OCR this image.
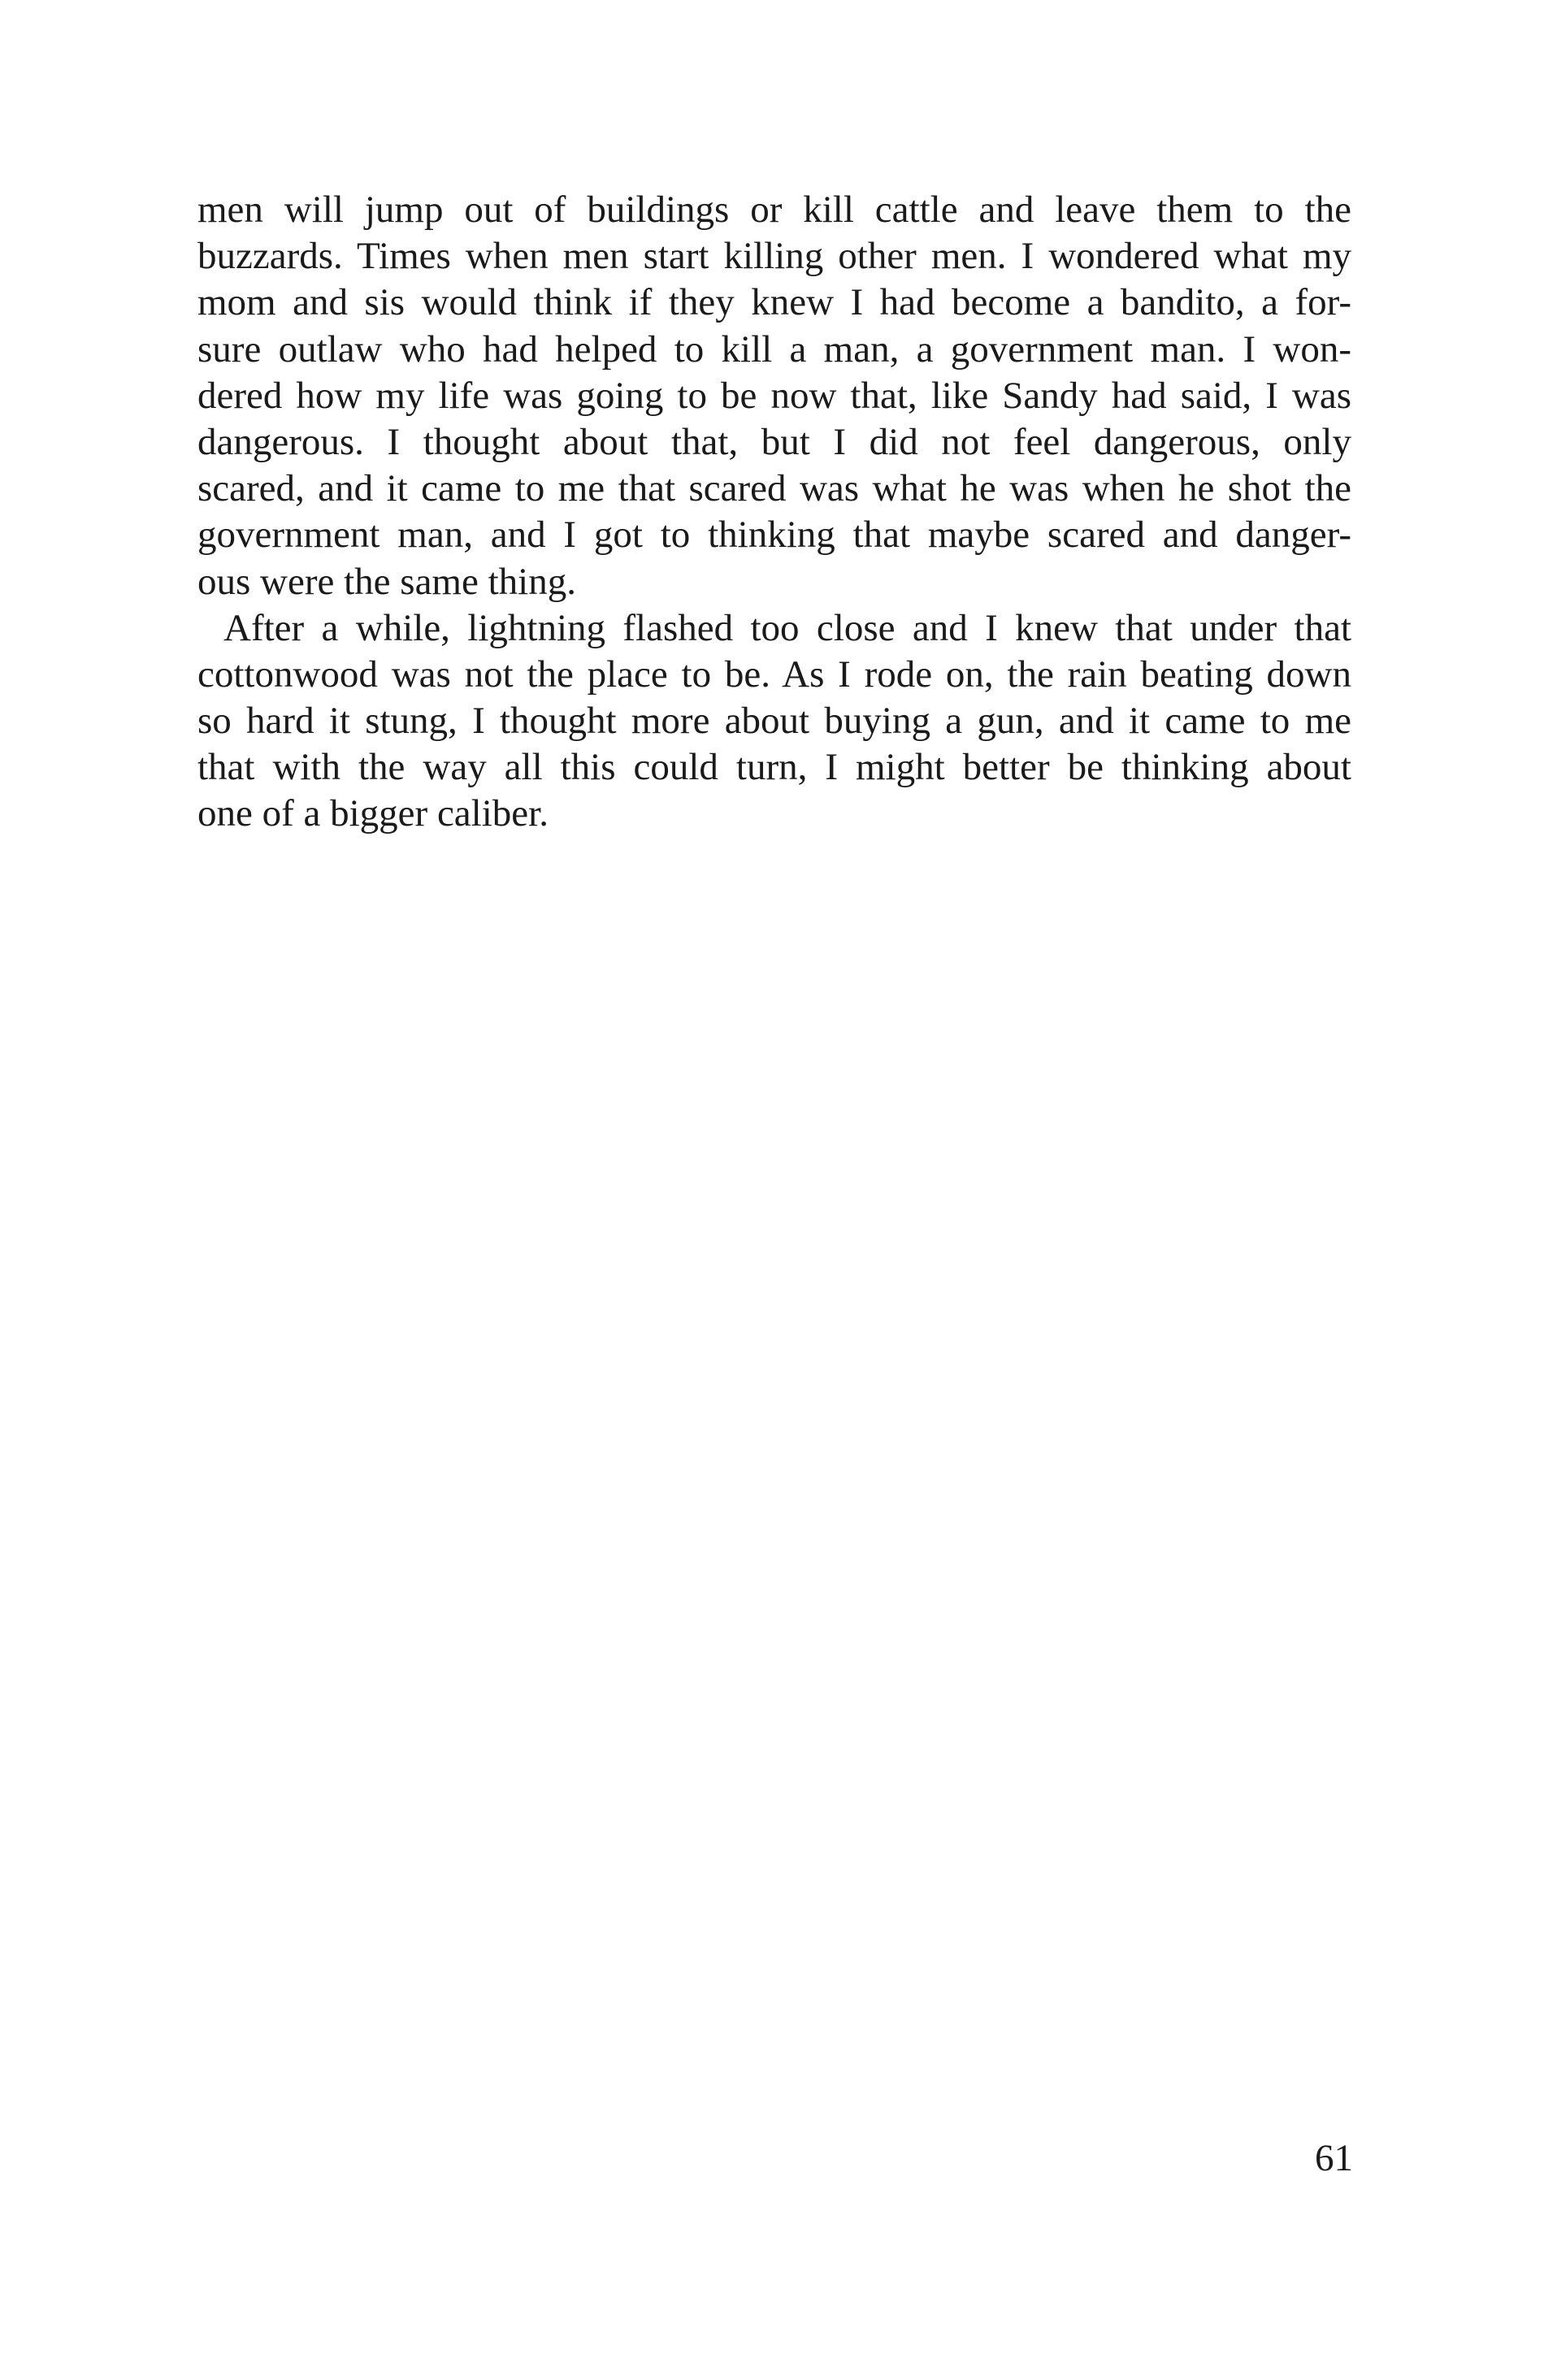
men will jump out of buildings or kill cattle and leave them to the
buzzards. Times when men start killing other men. I wondered what my
mom and sis would think if they knew I had become a bandito, a for-
sure outlaw who had helped to kill a man, a government man. I won-
dered how my life was going to be now that, like Sandy had said, I was
dangerous. I thought about that, but I did not feel dangerous, only
scared, and it came to me that scared was what he was when he shot the
government man, and I got to thinking that maybe scared and danger-
ous were the same thing.
After a while, lightning flashed too close and I knew that under that
cottonwood was not the place to be. As I rode on, the rain beating down
so hard it stung, I thought more about buying a gun, and it came to me
that with the way all this could turn, I might better be thinking about
one of a bigger caliber.
61
